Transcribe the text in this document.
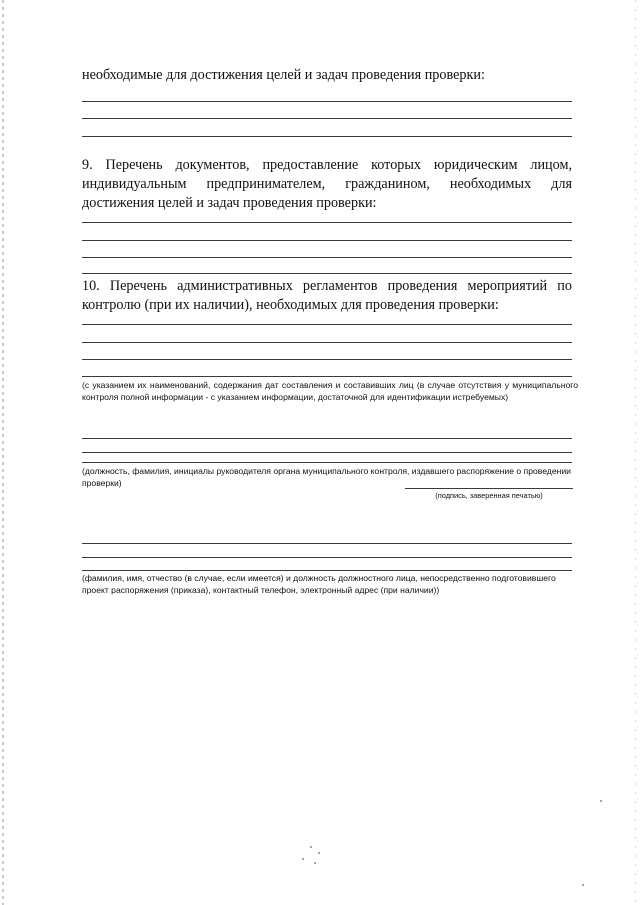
необходимые для достижения целей и задач проведения проверки:

9. Перечень документов, предоставление которых юридическим лицом,

индивидуальным предпринимателем, гражданином, необходимых для

достижения целей и задач проведения проверки:

10. Перечень административных регламентов проведения мероприятий по

контролю (при их наличии), необходимых для проведения проверки:

(с указанием их наименований, содержания дат составления и составивших лиц (в случае отсутствия у муниципального контроля полной информации - с указанием информации, достаточной для идентификации истребуемых)

(должность, фамилия, инициалы руководителя органа муниципального контроля, издавшего распоряжение о проведении проверки)

(подпись, заверенная печатью)

(фамилия, имя, отчество (в случае, если имеется) и должность должностного лица, непосредственно подготовившего проект распоряжения (приказа), контактный телефон, электронный адрес (при наличии))
